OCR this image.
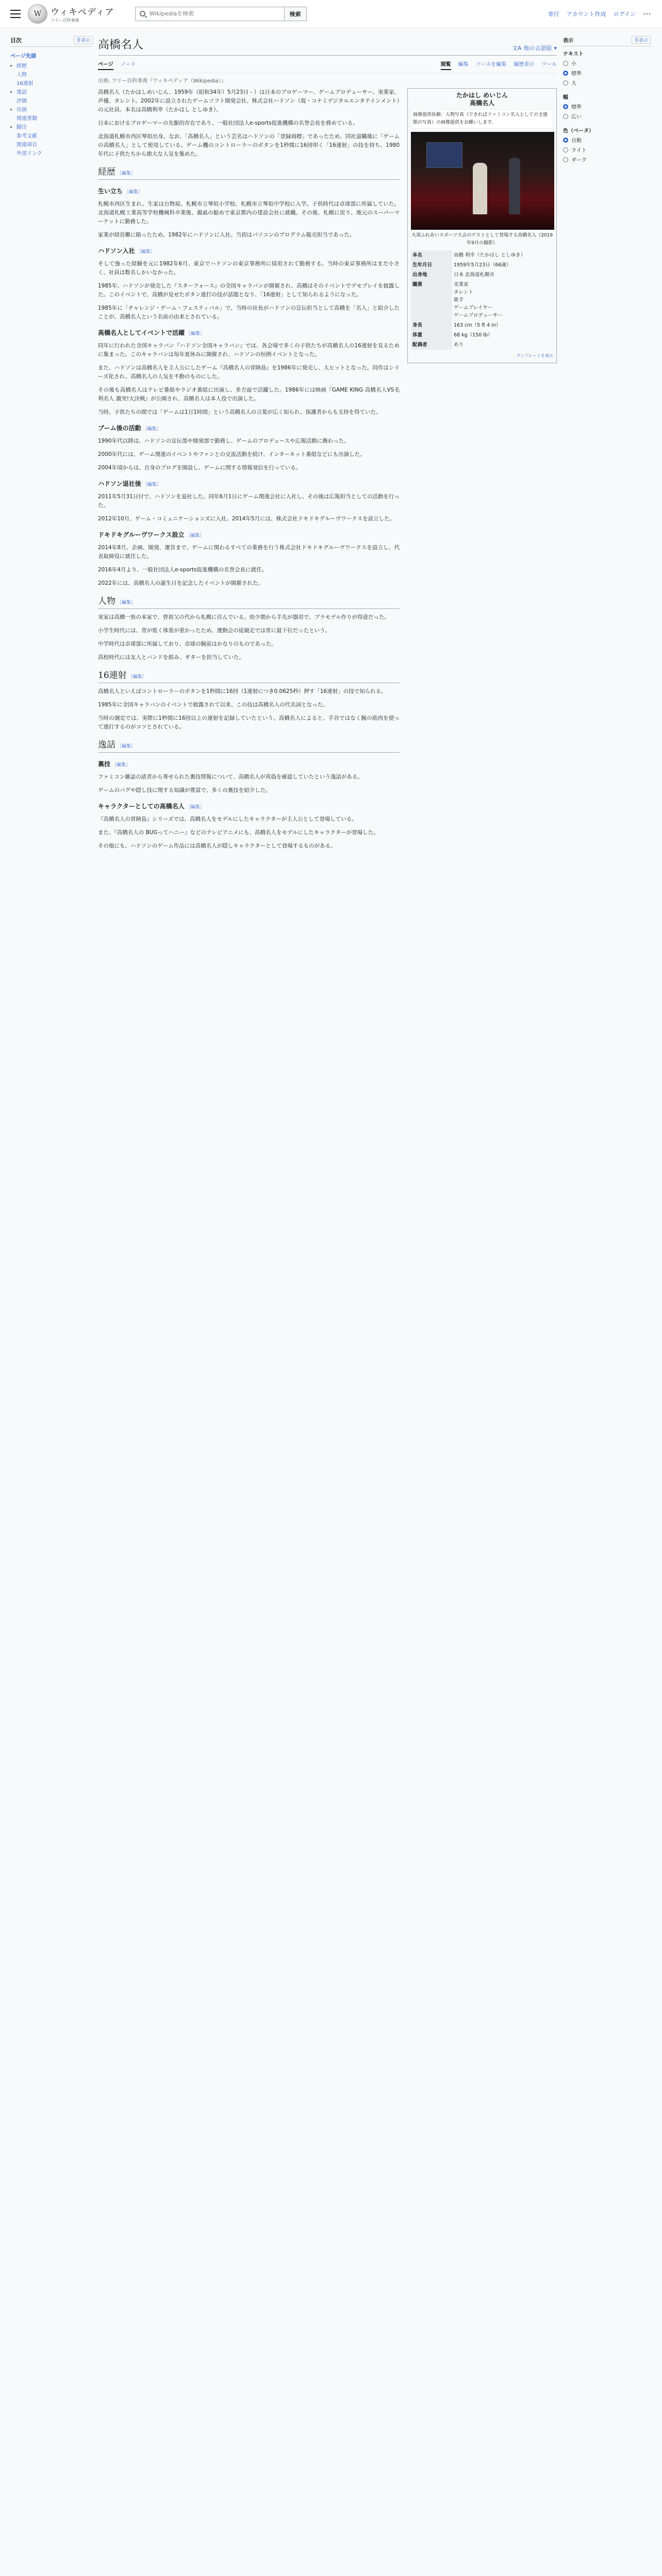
W	ウィキペディア
フリー百科事典
Wikipediaを検索
検索	寄付 アカウント作成 ログイン ⋯
目次	非表示
ページ先頭
▸ 経歴
人物
16連射
▸ 逸話
評価
▸ 出演
関連書籍
▸ 脚注
参考文献
関連項目
外部リンク
高橋名人	文A 他の言語版 ▾
ページ ノート	閲覧 編集 ソースを編集 履歴表示 ツール
出典: フリー百科事典『ウィキペディア（Wikipedia）』

高橋名人（たかはしめいじん、1959年（昭和34年）5月23日 - ）は日本のプロゲーマー、ゲームプロデューサー、実業家、声優、タレント。2002年に設立されたゲームソフト開発会社、株式会社ハドソン（現・コナミデジタルエンタテインメント）の元社員。本名は高橋利幸（たかはし としゆき）。

日本におけるプロゲーマーの先駆的存在であり、一般社団法人e-sports促進機構の名誉会長を務めている。

北海道札幌市西区琴似出身。なお、「高橋名人」という芸名はハドソンの「登録商標」であったため、同社退職後に「ゲームの高橋名人」として使用している。ゲーム機のコントローラーのボタンを1秒間に16回叩く「16連射」の技を持ち、1980年代に子供たちから絶大な人気を集めた。

経歴 ［編集］
生い立ち ［編集］

札幌市西区生まれ。生家は台物屋。札幌市立琴似小学校、札幌市立琴似中学校に入学。子供時代は卓球部に所属していた。北海道札幌工業高等学校機械科卒業後、親戚の勧めで東京都内の建設会社に就職。その後、札幌に戻り、地元のスーパーマーケットに勤務した。

家業が経営難に陥ったため、1982年にハドソンに入社。当初はパソコンのプログラム販売担当であった。

ハドソン入社 ［編集］

そして強った経験を元に1982年6月、東京でハドソンの東京事務所に採用されて勤務する。当時の東京事務所はまだ小さく、社員は数名しかいなかった。

1985年、ハドソンが発売した『スターフォース』の全国キャラバンが開催され、高橋はそのイベントでデモプレイを披露した。このイベントで、高橋が見せたボタン連打の技が話題となり、「16連射」として知られるようになった。

1985年に「チャレンジ・ゲーム・フェスティバル」で、当時の社長がハドソンの宣伝担当として高橋を「名人」と紹介したことが、高橋名人という名前の由来とされている。

高橋名人としてイベントで活躍 ［編集］

同年に行われた全国キャラバン『ハドソン全国キャラバン』では、各会場で多くの子供たちが高橋名人の16連射を見るために集まった。このキャラバンは毎年夏休みに開催され、ハドソンの恒例イベントとなった。

また、ハドソンは高橋名人を主人公にしたゲーム『高橋名人の冒険島』を1986年に発売し、大ヒットとなった。同作はシリーズ化され、高橋名人の人気を不動のものにした。

その後も高橋名人はテレビ番組やラジオ番組に出演し、多方面で活躍した。1986年には映画『GAME KING 高橋名人VS毛利名人 激突!大決戦』が公開され、高橋名人は本人役で出演した。

当時、子供たちの間では「ゲームは1日1時間」という高橋名人の言葉が広く知られ、保護者からも支持を得ていた。

ブーム後の活動 ［編集］

1990年代以降は、ハドソンの宣伝部や開発部で勤務し、ゲームのプロデュースや広報活動に携わった。

2000年代には、ゲーム関連のイベントやファンとの交流活動を続け、インターネット番組などにも出演した。

2004年頃からは、自身のブログを開設し、ゲームに関する情報発信を行っている。

ハドソン退社後 ［編集］

2011年5月31日付で、ハドソンを退社した。同年6月1日にゲーム関連会社に入社し、その後は広報担当としての活動を行った。

2012年10月、ゲーム・コミュニケーションズに入社。2014年5月には、株式会社ドキドキグルーヴワークスを設立した。

ドキドキグルーヴワークス設立 ［編集］

2014年8月、企画、開発、運営まで、ゲームに関わるすべての業務を行う株式会社ドキドキグルーヴワークスを設立し、代表取締役に就任した。

2016年4月より、一般社団法人e-sports促進機構の名誉会長に就任。

2022年には、高橋名人の誕生日を記念したイベントが開催された。

人物 ［編集］

実家は高橋一族の本家で、曾祖父の代から札幌に住んでいる。幼少期から手先が器用で、プラモデル作りが得意だった。

小学生時代には、背が低く体重が重かったため、運動会の徒競走では常に最下位だったという。

中学時代は卓球部に所属しており、卓球の腕前はかなりのものであった。

高校時代には友人とバンドを組み、ギターを担当していた。

16連射 ［編集］

高橋名人といえばコントローラーのボタンを1秒間に16回（1連射につき0.0625秒）押す「16連射」の技で知られる。

1985年に全国キャラバンのイベントで披露されて以来、この技は高橋名人の代名詞となった。

当時の測定では、実際に1秒間に16回以上の連射を記録していたという。高橋名人によると、手首ではなく腕の筋肉を使って連打するのがコツとされている。

逸話 ［編集］
裏技 ［編集］

ファミコン雑誌の読者から寄せられた裏技情報について、高橋名人が真偽を確認していたという逸話がある。

ゲームのバグや隠し技に関する知識が豊富で、多くの裏技を紹介した。

キャラクターとしての高橋名人 ［編集］

『高橋名人の冒険島』シリーズでは、高橋名人をモデルにしたキャラクターが主人公として登場している。

また、『高橋名人の BUGってハニー』などのテレビアニメにも、高橋名人をモデルにしたキャラクターが登場した。

その他にも、ハドソンのゲーム作品には高橋名人が隠しキャラクターとして登場するものがある。

たかはし めいじん
高橋名人
画像提供依頼：人物写真（できればファミコン名人としての全盛期の写真）の画像提供をお願いします。
大須ふれあいスポーツ大会のゲストとして登場する高橋名人（2019年9月の撮影）
本名	高橋 利幸（たかはし としゆき）
生年月日	1959年5月23日（66歳）
出身地	日本 北海道札幌市
職業	実業家
タレント
歌手
ゲームプレイヤー
ゲームプロデューサー
身長	163 cm（5 ft 4 in）
体重	68 kg（150 lb）
配偶者	あり
テンプレートを表示
表示	非表示
テキスト
小
標準
大
幅
標準
広い
色（ベータ）
自動
ライト
ダーク
